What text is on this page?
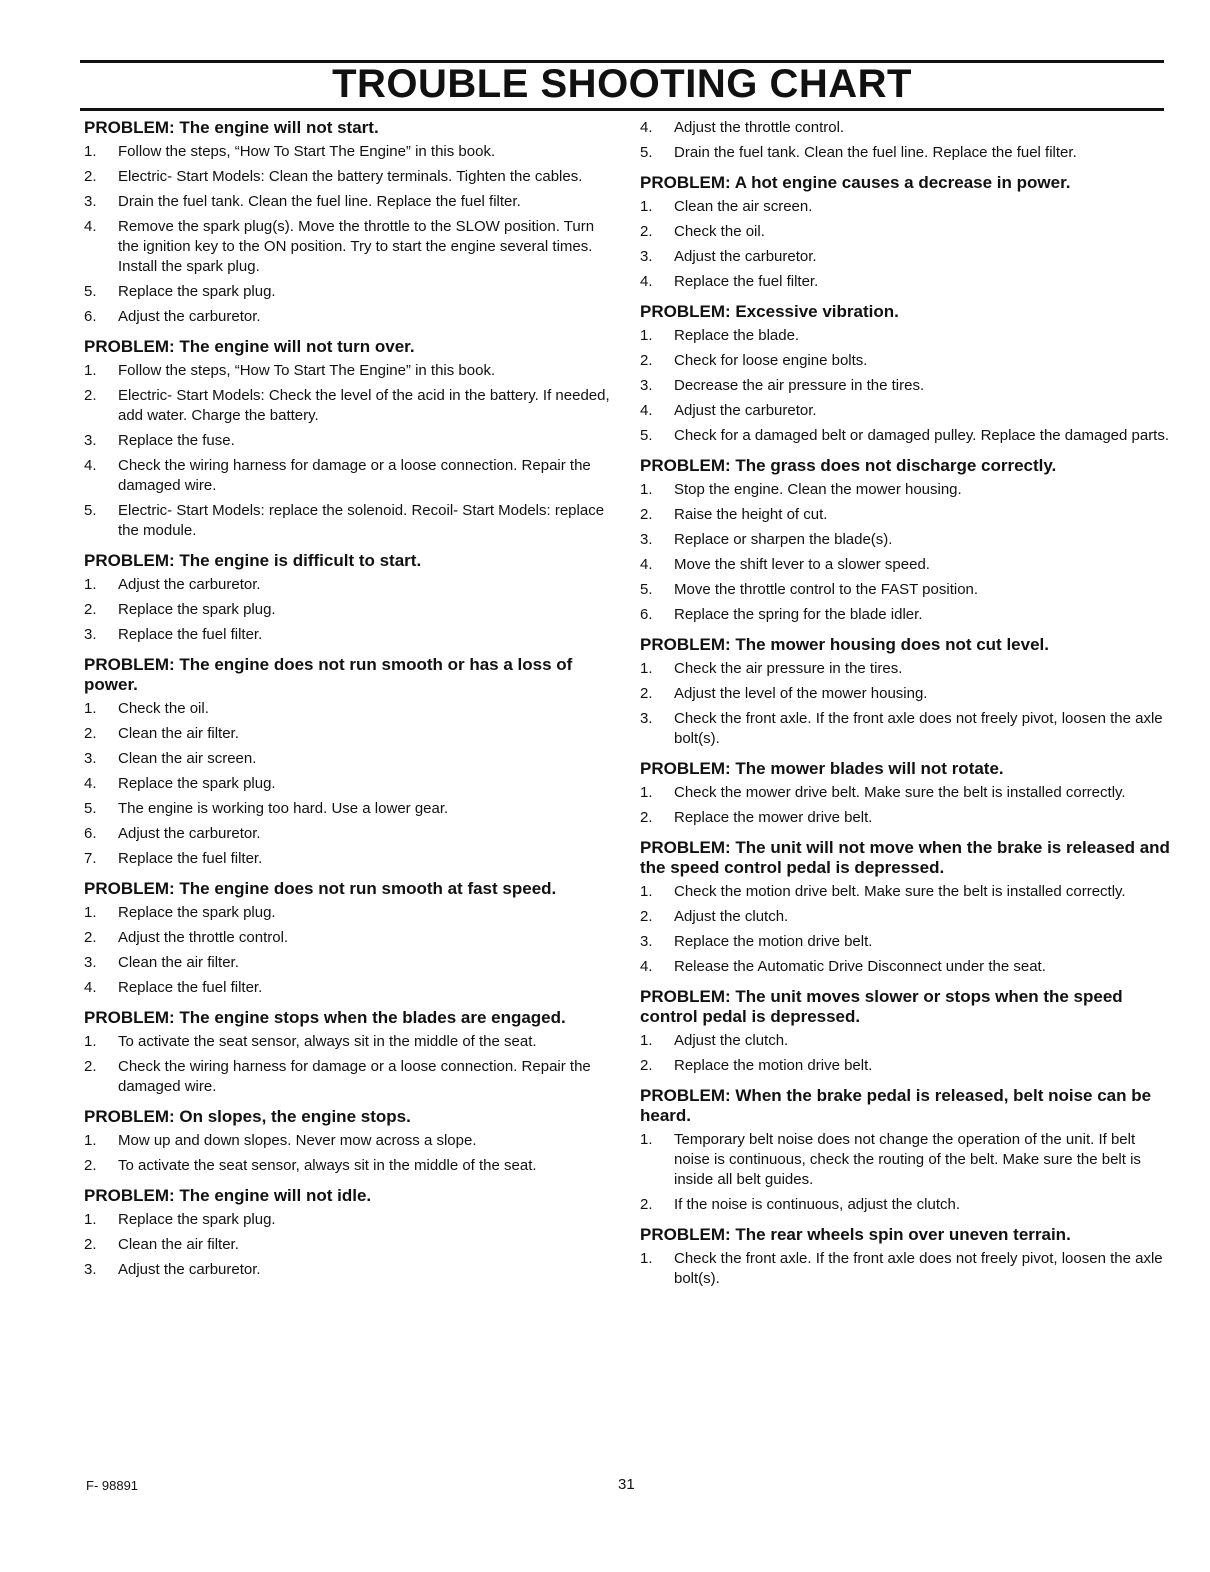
TROUBLE SHOOTING CHART
PROBLEM: The engine will not start.
1.	Follow the steps, “How To Start The Engine” in this book.
2.	Electric- Start Models: Clean the battery terminals. Tighten the cables.
3.	Drain the fuel tank. Clean the fuel line. Replace the fuel filter.
4.	Remove the spark plug(s). Move the throttle to the SLOW position. Turn the ignition key to the ON position. Try to start the engine several times. Install the spark plug.
5.	Replace the spark plug.
6.	Adjust the carburetor.
PROBLEM: The engine will not turn over.
1.	Follow the steps, “How To Start The Engine” in this book.
2.	Electric- Start Models: Check the level of the acid in the battery. If needed, add water. Charge the battery.
3.	Replace the fuse.
4.	Check the wiring harness for damage or a loose connection. Repair the damaged wire.
5.	Electric- Start Models: replace the solenoid. Recoil- Start Models: replace the module.
PROBLEM: The engine is difficult to start.
1.	Adjust the carburetor.
2.	Replace the spark plug.
3.	Replace the fuel filter.
PROBLEM: The engine does not run smooth or has a loss of power.
1.	Check the oil.
2.	Clean the air filter.
3.	Clean the air screen.
4.	Replace the spark plug.
5.	The engine is working too hard. Use a lower gear.
6.	Adjust the carburetor.
7.	Replace the fuel filter.
PROBLEM: The engine does not run smooth at fast speed.
1.	Replace the spark plug.
2.	Adjust the throttle control.
3.	Clean the air filter.
4.	Replace the fuel filter.
PROBLEM: The engine stops when the blades are engaged.
1.	To activate the seat sensor, always sit in the middle of the seat.
2.	Check the wiring harness for damage or a loose connection. Repair the damaged wire.
PROBLEM: On slopes, the engine stops.
1.	Mow up and down slopes. Never mow across a slope.
2.	To activate the seat sensor, always sit in the middle of the seat.
PROBLEM: The engine will not idle.
1.	Replace the spark plug.
2.	Clean the air filter.
3.	Adjust the carburetor.
4.	Adjust the throttle control.
5.	Drain the fuel tank. Clean the fuel line. Replace the fuel filter.
PROBLEM: A hot engine causes a decrease in power.
1.	Clean the air screen.
2.	Check the oil.
3.	Adjust the carburetor.
4.	Replace the fuel filter.
PROBLEM: Excessive vibration.
1.	Replace the blade.
2.	Check for loose engine bolts.
3.	Decrease the air pressure in the tires.
4.	Adjust the carburetor.
5.	Check for a damaged belt or damaged pulley. Replace the damaged parts.
PROBLEM: The grass does not discharge correctly.
1.	Stop the engine. Clean the mower housing.
2.	Raise the height of cut.
3.	Replace or sharpen the blade(s).
4.	Move the shift lever to a slower speed.
5.	Move the throttle control to the FAST position.
6.	Replace the spring for the blade idler.
PROBLEM: The mower housing does not cut level.
1.	Check the air pressure in the tires.
2.	Adjust the level of the mower housing.
3.	Check the front axle. If the front axle does not freely pivot, loosen the axle bolt(s).
PROBLEM: The mower blades will not rotate.
1.	Check the mower drive belt. Make sure the belt is installed correctly.
2.	Replace the mower drive belt.
PROBLEM: The unit will not move when the brake is released and the speed control pedal is depressed.
1.	Check the motion drive belt. Make sure the belt is installed correctly.
2.	Adjust the clutch.
3.	Replace the motion drive belt.
4.	Release the Automatic Drive Disconnect under the seat.
PROBLEM: The unit moves slower or stops when the speed control pedal is depressed.
1.	Adjust the clutch.
2.	Replace the motion drive belt.
PROBLEM: When the brake pedal is released, belt noise can be heard.
1.	Temporary belt noise does not change the operation of the unit. If belt noise is continuous, check the routing of the belt. Make sure the belt is inside all belt guides.
2.	If the noise is continuous, adjust the clutch.
PROBLEM: The rear wheels spin over uneven terrain.
1.	Check the front axle. If the front axle does not freely pivot, loosen the axle bolt(s).
F- 98891	31
